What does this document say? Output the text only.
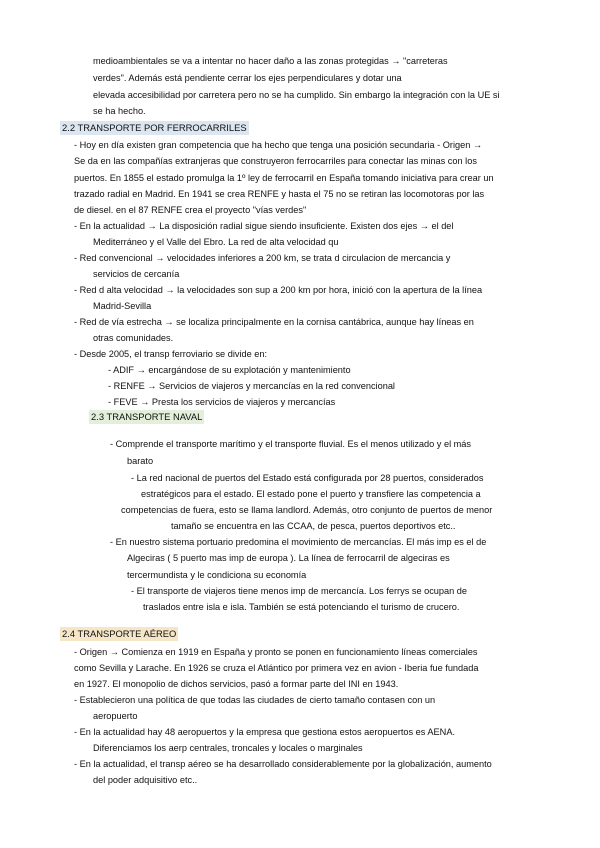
medioambientales se va a intentar no hacer daño a las zonas protegidas → "carreteras
verdes". Además está pendiente cerrar los ejes perpendiculares y dotar una
elevada accesibilidad por carretera pero no se ha cumplido. Sin embargo la integración con la UE si
se ha hecho.
2.2 TRANSPORTE POR FERROCARRILES
- Hoy en día existen gran competencia que ha hecho que tenga una posición secundaria - Origen →
Se da en las compañías extranjeras que construyeron ferrocarriles para conectar las minas con los
puertos. En 1855 el estado promulga la 1º ley de ferrocarril en España tomando iniciativa para crear un
trazado radial en Madrid. En 1941 se crea RENFE y hasta el 75 no se retiran las locomotoras por las
de diesel. en el 87 RENFE crea el proyecto "vías verdes"
- En la actualidad → La disposición radial sigue siendo insuficiente. Existen dos ejes → el del
Mediterráneo y el Valle del Ebro. La red de alta velocidad qu
- Red convencional → velocidades inferiores a 200 km, se trata d circulacion de mercancia y
servicios de cercanía
- Red d alta velocidad → la velocidades son sup a 200 km por hora, inició con la apertura de la línea
Madrid-Sevilla
- Red de vía estrecha → se localiza principalmente en la cornisa cantábrica, aunque hay líneas en
otras comunidades.
- Desde 2005, el transp ferroviario se divide en:
- ADIF → encargándose de su explotación y mantenimiento
- RENFE → Servicios de viajeros y mercancías en la red convencional
- FEVE → Presta los servicios de viajeros y mercancías
2.3 TRANSPORTE NAVAL
- Comprende el transporte marítimo y el transporte fluvial. Es el menos utilizado y el más
barato
- La red nacional de puertos del Estado está configurada por 28 puertos, considerados
estratégicos para el estado. El estado pone el puerto y transfiere las competencia a
competencias de fuera, esto se llama landlord. Además, otro conjunto de puertos de menor
tamaño se encuentra en las CCAA, de pesca, puertos deportivos etc..
- En nuestro sistema portuario predomina el movimiento de mercancías. El más imp es el de
Algeciras ( 5 puerto mas imp de europa ). La línea de ferrocarril de algeciras es
tercermundista y le condiciona su economía
- El transporte de viajeros tiene menos imp de mercancía. Los ferrys se ocupan de
traslados entre isla e isla. También se está potenciando el turismo de crucero.
2.4 TRANSPORTE AÉREO
- Origen → Comienza en 1919 en España y pronto se ponen en funcionamiento líneas comerciales
como Sevilla y Larache. En 1926 se cruza el Atlántico por primera vez en avion - Iberia fue fundada
en 1927. El monopolio de dichos servicios, pasó a formar parte del INI en 1943.
- Establecieron una política de que todas las ciudades de cierto tamaño contasen con un
aeropuerto
- En la actualidad hay 48 aeropuertos y la empresa que gestiona estos aeropuertos es AENA.
Diferenciamos los aerp centrales, troncales y locales o marginales
- En la actualidad, el transp aéreo se ha desarrollado considerablemente por la globalización, aumento
del poder adquisitivo etc..
